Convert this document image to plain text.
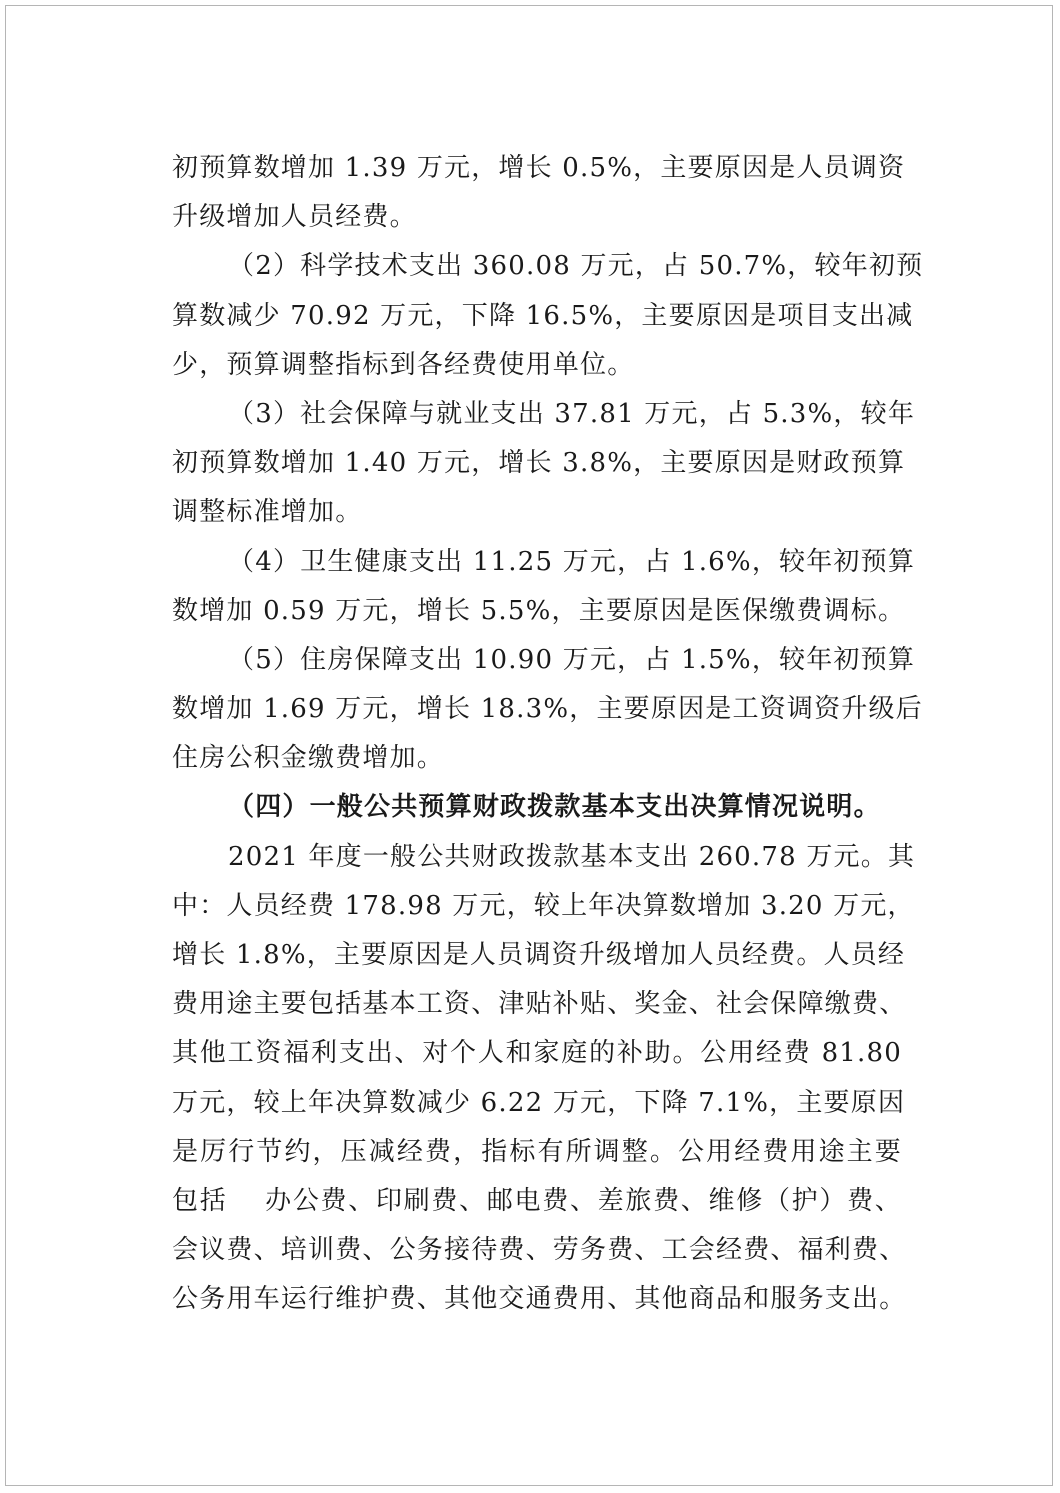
初预算数增加 1.39 万元，增长 0.5%，主要原因是人员调资
升级增加人员经费。
（2）科学技术支出 360.08 万元，占 50.7%，较年初预
算数减少 70.92 万元，下降 16.5%，主要原因是项目支出减
少，预算调整指标到各经费使用单位。
（3）社会保障与就业支出 37.81 万元，占 5.3%，较年
初预算数增加 1.40 万元，增长 3.8%，主要原因是财政预算
调整标准增加。
（4）卫生健康支出 11.25 万元，占 1.6%，较年初预算
数增加 0.59 万元，增长 5.5%，主要原因是医保缴费调标。
（5）住房保障支出 10.90 万元，占 1.5%，较年初预算
数增加 1.69 万元，增长 18.3%，主要原因是工资调资升级后
住房公积金缴费增加。
（四）一般公共预算财政拨款基本支出决算情况说明。
2021 年度一般公共财政拨款基本支出 260.78 万元。其
中：人员经费 178.98 万元，较上年决算数增加 3.20 万元，
增长 1.8%，主要原因是人员调资升级增加人员经费。人员经
费用途主要包括基本工资、津贴补贴、奖金、社会保障缴费、
其他工资福利支出、对个人和家庭的补助。公用经费 81.80
万元，较上年决算数减少 6.22 万元，下降 7.1%，主要原因
是厉行节约，压减经费，指标有所调整。公用经费用途主要
包括　 办公费、印刷费、邮电费、差旅费、维修（护）费、
会议费、培训费、公务接待费、劳务费、工会经费、福利费、
公务用车运行维护费、其他交通费用、其他商品和服务支出。
